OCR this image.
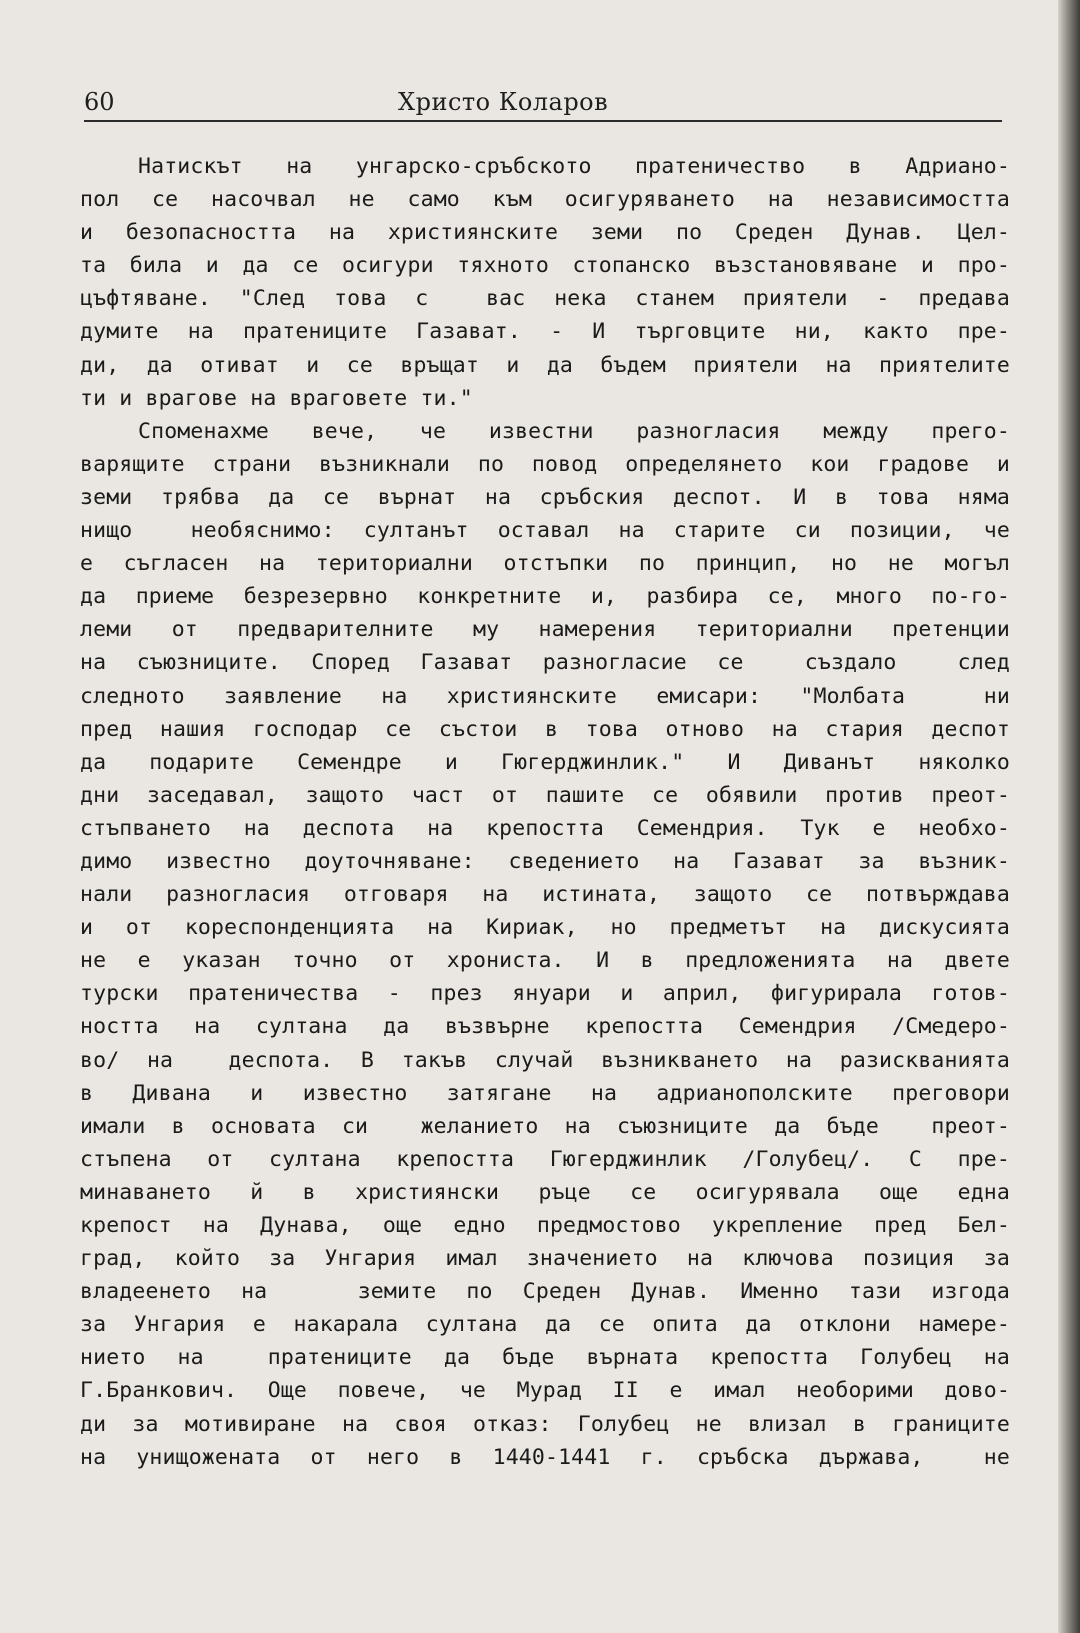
60	Христо Коларов
Натискът на унгарско-сръбското пратеничество в Адриано-
пол се насочвал не само към осигуряването на независимостта
и безопасността на християнските земи по Среден Дунав. Цел-
та била и да се осигури тяхното стопанско възстановяване и про-
цъфтяване. "След това с  вас нека станем приятели - предава
думите на пратениците Газават. - И търговците ни, както пре-
ди, да отиват и се връщат и да бъдем приятели на приятелите
ти и врагове на враговете ти."
Споменахме вече, че известни разногласия между прего-
варящите страни възникнали по повод определянето кои градове и
земи трябва да се върнат на сръбския деспот. И в това няма
нищо  необяснимо: султанът оставал на старите си позиции, че
е съгласен на териториални отстъпки по принцип, но не могъл
да приеме безрезервно конкретните и, разбира се, много по-го-
леми от предварителните му намерения териториални претенции
на съюзниците. Според Газават разногласие се  създало  след
следното заявление на християнските емисари: "Молбата  ни
пред нашия господар се състои в това отново на стария деспот
да подарите Семендре и Гюгерджинлик." И Диванът няколко
дни заседавал, защото част от пашите се обявили против преот-
стъпването на деспота на крепостта Семендрия. Тук е необхо-
димо известно доуточняване: сведението на Газават за възник-
нали разногласия отговаря на истината, защото се потвърждава
и от кореспонденцията на Кириак, но предметът на дискусията
не е указан точно от хрониста. И в предложенията на двете
турски пратеничества - през януари и април, фигурирала готов-
ността на султана да възвърне крепостта Семендрия /Смедеро-
во/ на  деспота. В такъв случай възникването на разискванията
в Дивана и известно затягане на адрианополските преговори
имали в основата си  желанието на съюзниците да бъде  преот-
стъпена от султана крепостта Гюгерджинлик /Голубец/. С пре-
минаването й в християнски ръце се осигурявала още една
крепост на Дунава, още едно предмостово укрепление пред Бел-
град, който за Унгария имал значението на ключова позиция за
владеенето на   земите по Среден Дунав. Именно тази изгода
за Унгария е накарала султана да се опита да отклони намере-
нието на  пратениците да бъде върната крепостта Голубец на
Г.Бранкович. Още повече, че Мурад II е имал необорими дово-
ди за мотивиране на своя отказ: Голубец не влизал в границите
на унищожената от него в 1440-1441 г. сръбска държава,  не
